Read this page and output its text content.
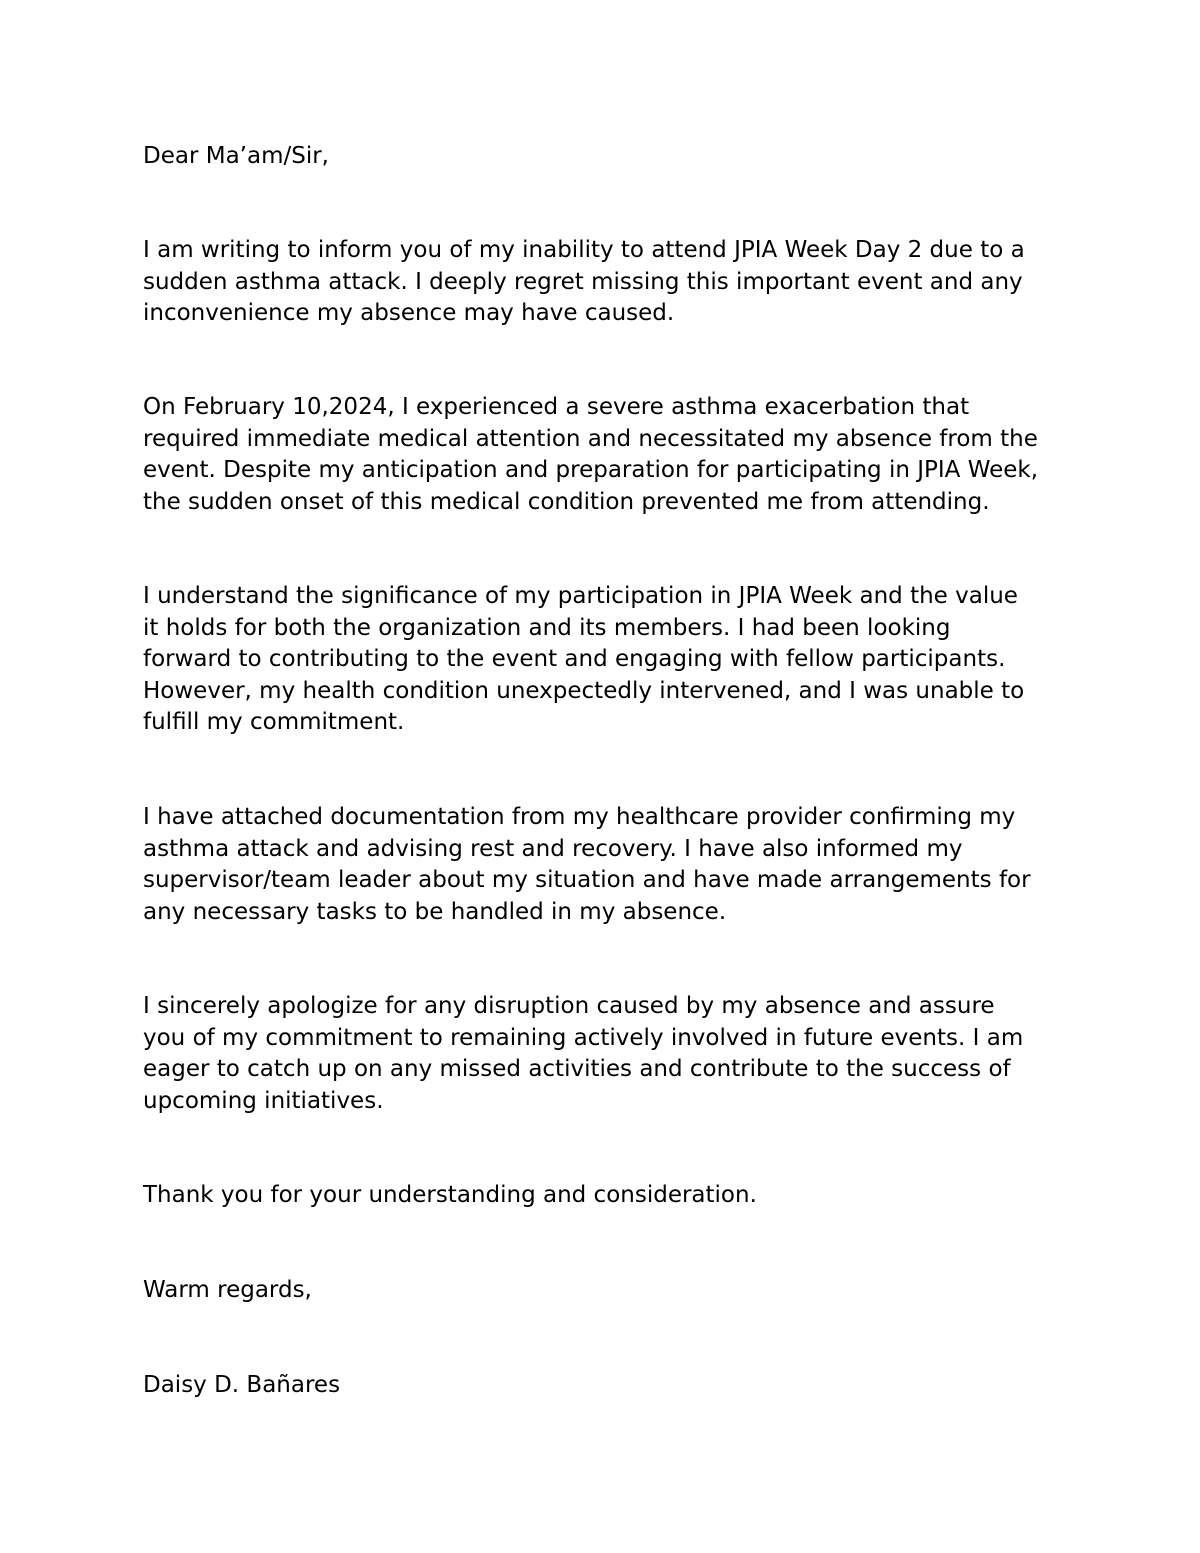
Dear Ma’am/Sir,

I am writing to inform you of my inability to attend JPIA Week Day 2 due to a
sudden asthma attack. I deeply regret missing this important event and any
inconvenience my absence may have caused.

On February 10,2024, I experienced a severe asthma exacerbation that
required immediate medical attention and necessitated my absence from the
event. Despite my anticipation and preparation for participating in JPIA Week,
the sudden onset of this medical condition prevented me from attending.

I understand the significance of my participation in JPIA Week and the value
it holds for both the organization and its members. I had been looking
forward to contributing to the event and engaging with fellow participants.
However, my health condition unexpectedly intervened, and I was unable to
fulfill my commitment.

I have attached documentation from my healthcare provider confirming my
asthma attack and advising rest and recovery. I have also informed my
supervisor/team leader about my situation and have made arrangements for
any necessary tasks to be handled in my absence.

I sincerely apologize for any disruption caused by my absence and assure
you of my commitment to remaining actively involved in future events. I am
eager to catch up on any missed activities and contribute to the success of
upcoming initiatives.

Thank you for your understanding and consideration.

Warm regards,

Daisy D. Bañares
